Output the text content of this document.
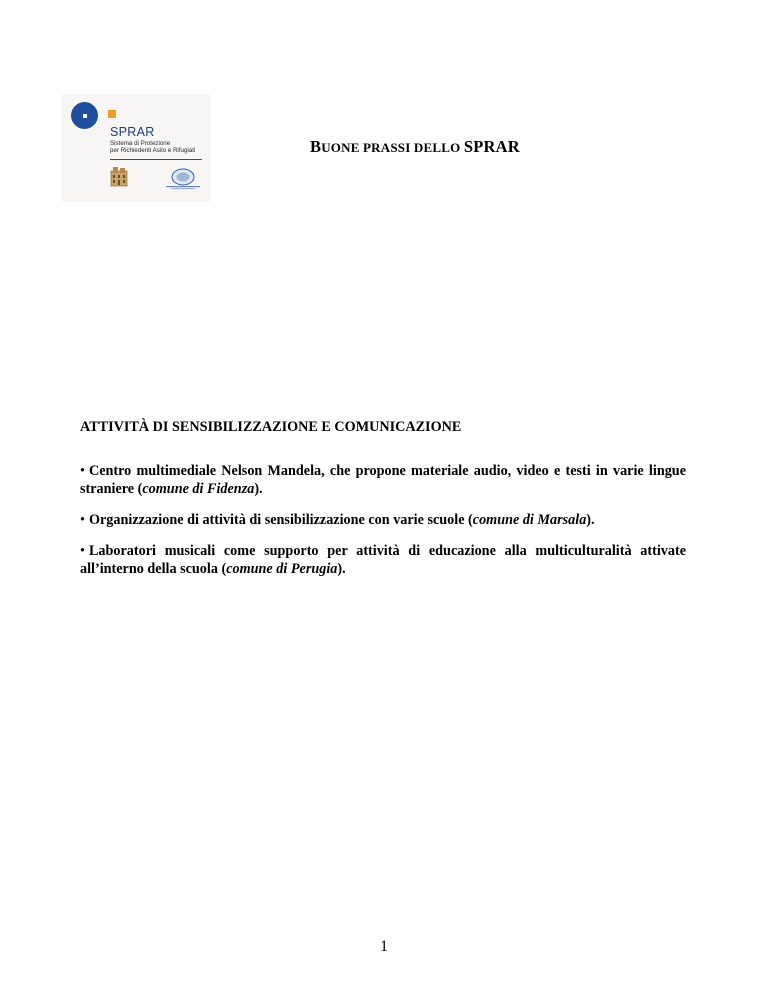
SPRAR
Sistema di Protezione
per Richiedenti Asilo e Rifugiati	BUONE PRASSI DELLO SPRAR
ATTIVITÀ DI SENSIBILIZZAZIONE E COMUNICAZIONE
• Centro multimediale Nelson Mandela, che propone materiale audio, video e testi in varie lingue straniere (comune di Fidenza).
• Organizzazione di attività di sensibilizzazione con varie scuole (comune di Marsala).
• Laboratori musicali come supporto per attività di educazione alla multiculturalità attivate all’interno della scuola (comune di Perugia).
1
